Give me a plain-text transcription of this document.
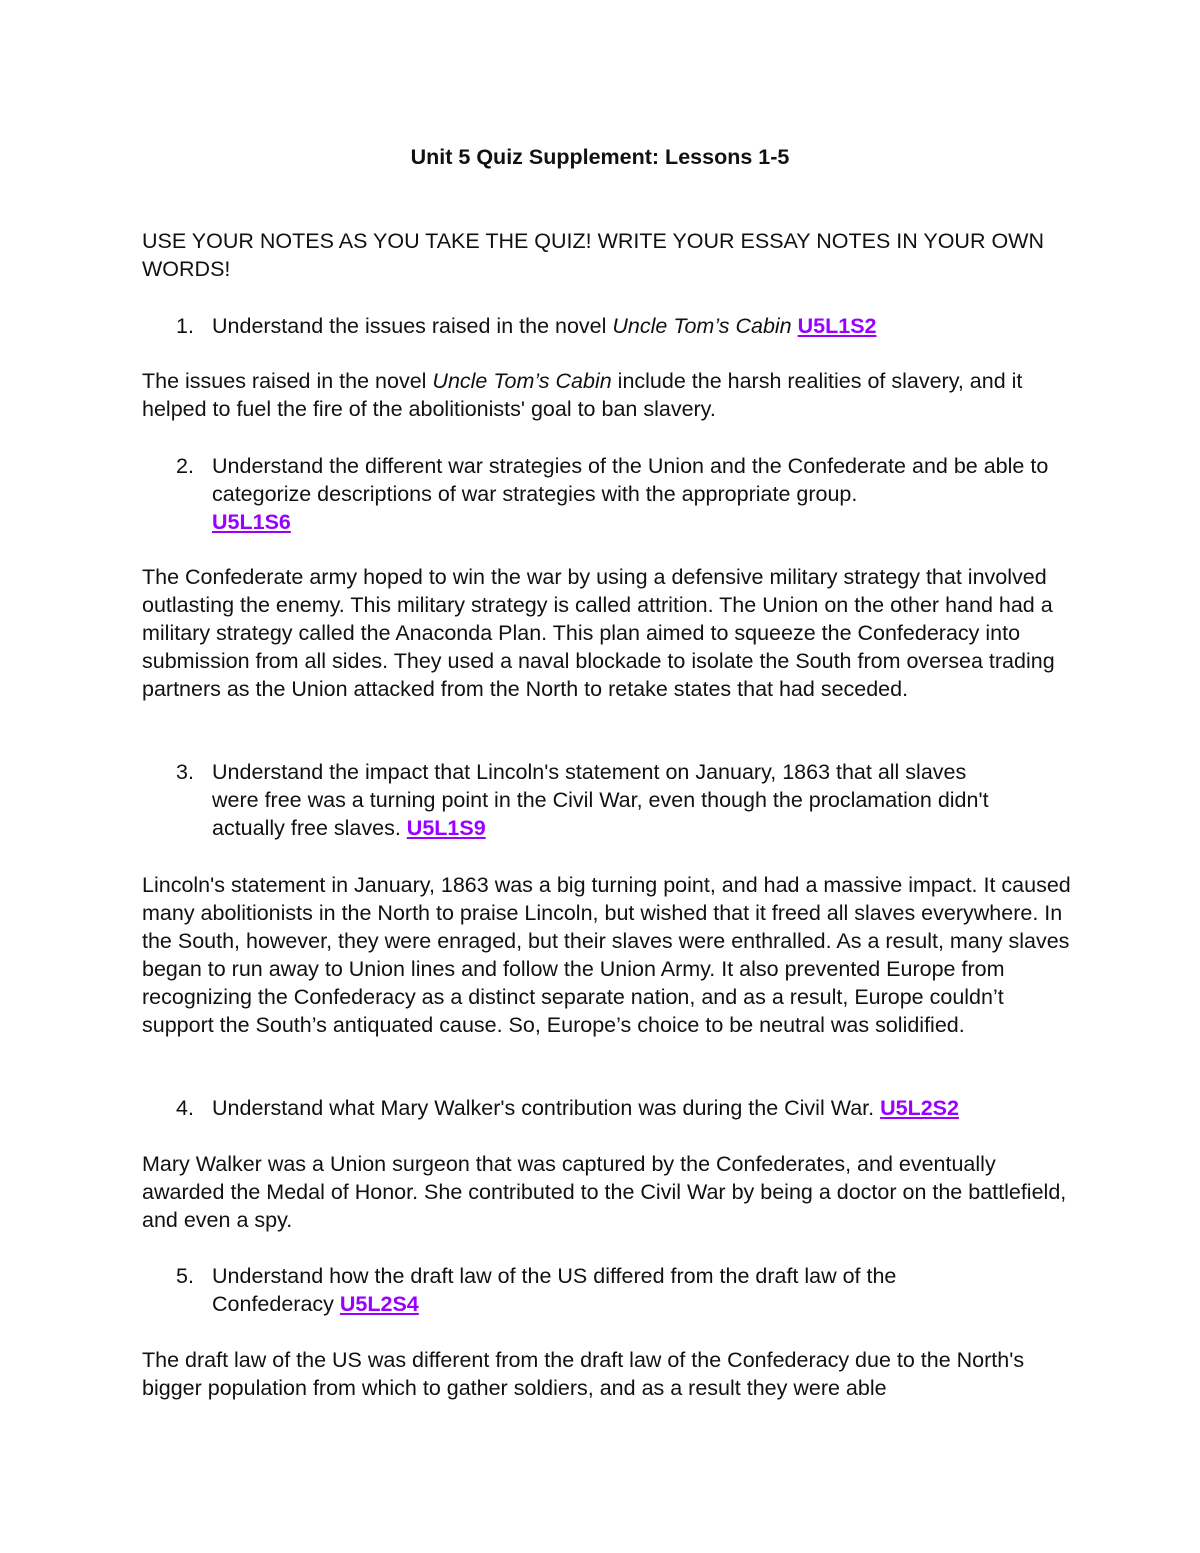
Unit 5 Quiz Supplement: Lessons 1-5

USE YOUR NOTES AS YOU TAKE THE QUIZ! WRITE YOUR ESSAY NOTES IN YOUR OWN WORDS!

1. Understand the issues raised in the novel Uncle Tom’s Cabin U5L1S2

The issues raised in the novel Uncle Tom’s Cabin include the harsh realities of slavery, and it helped to fuel the fire of the abolitionists' goal to ban slavery.

2. Understand the different war strategies of the Union and the Confederate and be able to categorize descriptions of war strategies with the appropriate group.
U5L1S6

The Confederate army hoped to win the war by using a defensive military strategy that involved outlasting the enemy. This military strategy is called attrition. The Union on the other hand had a military strategy called the Anaconda Plan. This plan aimed to squeeze the Confederacy into submission from all sides. They used a naval blockade to isolate the South from oversea trading partners as the Union attacked from the North to retake states that had seceded.

3. Understand the impact that Lincoln's statement on January, 1863 that all slaves were free was a turning point in the Civil War, even though the proclamation didn't actually free slaves. U5L1S9

Lincoln's statement in January, 1863 was a big turning point, and had a massive impact. It caused many abolitionists in the North to praise Lincoln, but wished that it freed all slaves everywhere. In the South, however, they were enraged, but their slaves were enthralled. As a result, many slaves began to run away to Union lines and follow the Union Army. It also prevented Europe from recognizing the Confederacy as a distinct separate nation, and as a result, Europe couldn’t support the South’s antiquated cause. So, Europe’s choice to be neutral was solidified.

4. Understand what Mary Walker's contribution was during the Civil War. U5L2S2

Mary Walker was a Union surgeon that was captured by the Confederates, and eventually awarded the Medal of Honor. She contributed to the Civil War by being a doctor on the battlefield, and even a spy.

5. Understand how the draft law of the US differed from the draft law of the Confederacy U5L2S4

The draft law of the US was different from the draft law of the Confederacy due to the North's bigger population from which to gather soldiers, and as a result they were able
